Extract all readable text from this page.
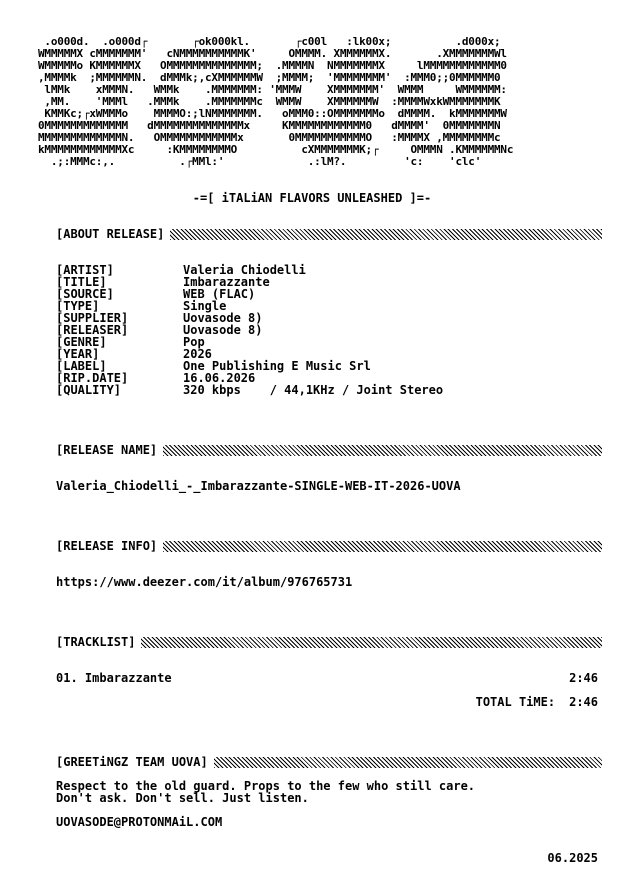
.o000d.  .o000d┌       ┌ok000kl.       ┌c00l   :lk00x;          .d000x;
WMMMMMX cMMMMMMM'   cNMMMMMMMMMMK'     OMMMM. XMMMMMMX.       .XMMMMMMMWl
WMMMMMo KMMMMMMX   OMMMMMMMMMMMMMM;  .MMMMN  NMMMMMMMX     lMMMMMMMMMMMM0
,MMMMk  ;MMMMMMN.  dMMMk;,cXMMMMMMW  ;MMMM;  'MMMMMMMM'  :MMM0;;0MMMMMM0
lMMk    xMMMN.   WMMk    .MMMMMMM: 'MMMW    XMMMMMMM'  WMMM     WMMMMMM:
,MM.    'MMMl   .MMMk    .MMMMMMMc  WMMW    XMMMMMMW  :MMMMWxkWMMMMMMMK
KMMKc;┌xWMMMo    MMMMO:;lNMMMMMMM.   oMMM0::OMMMMMMMo  dMMMM.  kMMMMMMMW
0MMMMMMMMMMMMM   dMMMMMMMMMMMMMMx     KMMMMMMMMMMMM0   dMMMM'  0MMMMMMMN
MMMMMMMMMMMMMN.   OMMMMMMMMMMMMx       0MMMMMMMMMMMO   :MMMMX ,MMMMMMMMc
kMMMMMMMMMMMMXc     :KMMMMMMMMO          cXMMMMMMMK;┌     OMMMN .KMMMMMMNc
.;:MMMc:,.          .┌MMl:'             .:lM?.         'c:    'clc'
-=[ iTALiAN FLAVORS UNLEASHED ]=-
[ABOUT RELEASE]
[ARTIST]	Valeria Chiodelli
[TITLE]	Imbarazzante
[SOURCE]	WEB (FLAC)
[TYPE]	Single
[SUPPLIER]	Uovasode 8)
[RELEASER]	Uovasode 8)
[GENRE]	Pop
[YEAR]	2026
[LABEL]	One Publishing E Music Srl
[RIP.DATE]	16.06.2026
[QUALITY]	320 kbps    / 44,1KHz / Joint Stereo
[RELEASE NAME]
Valeria_Chiodelli_-_Imbarazzante-SINGLE-WEB-IT-2026-UOVA
[RELEASE INFO]
https://www.deezer.com/it/album/976765731
[TRACKLIST]
01. Imbarazzante	2:46
TOTAL TiME: 2:46
[GREETiNGZ TEAM UOVA]
Respect to the old guard. Props to the few who still care.
Don't ask. Don't sell. Just listen.
UOVASODE@PROTONMAiL.COM
06.2025
